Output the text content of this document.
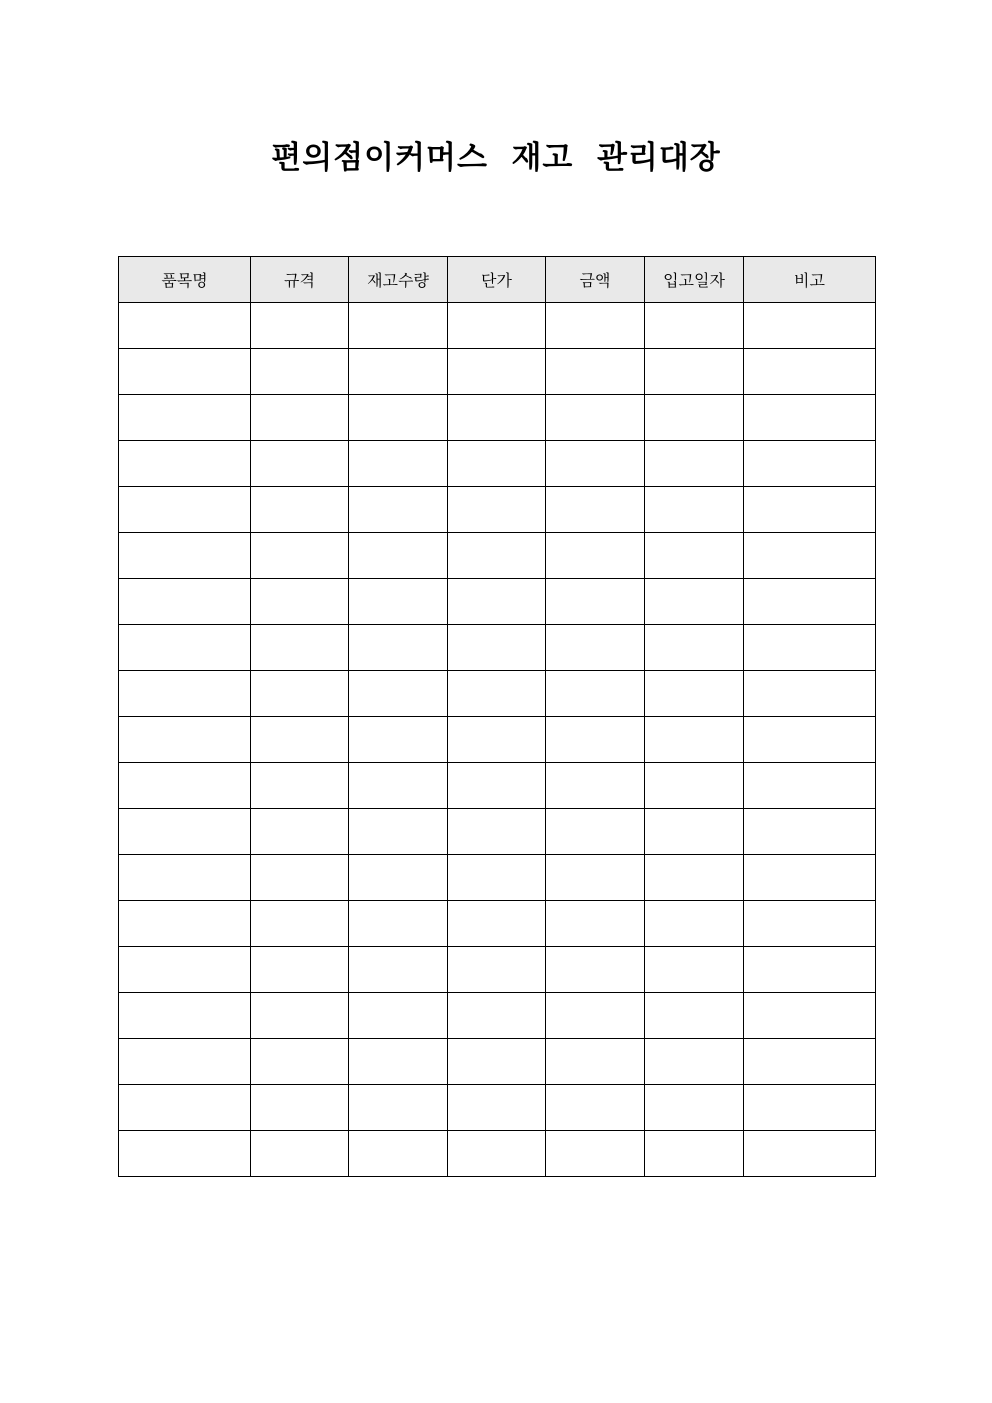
편의점이커머스  재고  관리대장
품목명	규격	재고수량	단가	금액	입고일자	비고
